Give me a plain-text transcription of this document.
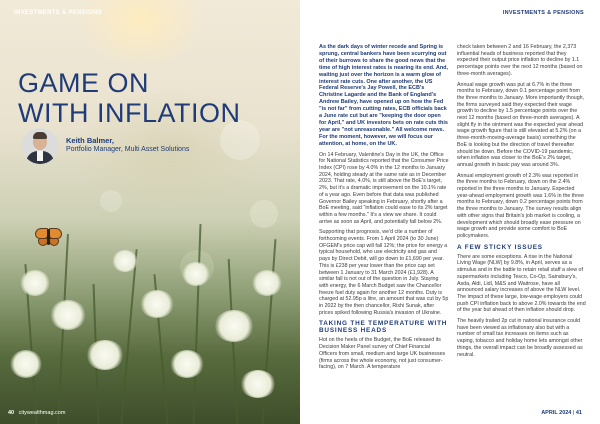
INVESTMENTS & PENSIONS
GAME ON
WITH INFLATION
Keith Balmer,
Portfolio Manager, Multi Asset Solutions
40 citywealthmag.com
INVESTMENTS & PENSIONS

As the dark days of winter recede and Spring is sprung, central bankers have been scurrying out of their burrows to share the good news that the time of high interest rates is nearing its end. And, waiting just over the horizon is a warm glow of interest rate cuts. One after another, the US Federal Reserve's Jay Powell, the ECB's Christine Lagarde and the Bank of England's Andrew Bailey, have opened up on how the Fed "is not far" from cutting rates, ECB officials back a June rate cut but are "keeping the door open for April," and UK investors bets on rate cuts this year are "not unreasonable." All welcome news. For the moment, however, we will focus our attention, at home, on the UK.

On 14 February, Valentine's Day in the UK, the Office for National Statistics reported that the Consumer Price Index (CPI) rose by 4.0% in the 12 months to January 2024, holding steady at the same rate as in December 2023. That rate, 4.0%, is still above the BoE's target, 2%, but it's a dramatic improvement on the 10.1% rate of a year ago. Even before that data was published Governor Bailey speaking in February, shortly after a BoE meeting, said "inflation could ease to its 2% target within a few months." It's a view we share. It could arrive as soon as April, and potentially fall below 2%.

Supporting that prognosis, we'd cite a number of forthcoming events. From 1 April 2024 (to 30 June) OFGEM's price cap will fall 12%; the price for energy a typical household, who use electricity and gas and pays by Direct Debit, will go down to £1,690 per year. This is £238 per year lower than the price cap set between 1 January to 31 March 2024 (£1,928). A similar fall is not out of the question in July. Staying with energy, the 6 March Budget saw the Chancellor freeze fuel duty again for another 12 months. Duty is charged at 52.95p a litre, an amount that was cut by 5p in 2022 by the then chancellor, Rishi Sunak, after prices spiked following Russia's invasion of Ukraine.

TAKING THE TEMPERATURE WITH BUSINESS HEADS

Hot on the heels of the Budget, the BoE released its Decision Maker Panel survey of Chief Financial Officers from small, medium and large UK businesses (firms across the whole economy, not just consumer-facing), on 7 March. A temperature

check taken between 2 and 16 February, the 2,373 influential heads of business reported that they expected their output price inflation to decline by 1.1 percentage points over the next 12 months (based on three-month averages).

Annual wage growth was put at 6.7% in the three months to February, down 0.1 percentage point from the three months to January. More importantly though, the firms surveyed said they expected their wage growth to decline by 1.5 percentage points over the next 12 months (based on three-month averages). A slight fly in the ointment was the expected year ahead wage growth figure that is still elevated at 5.2% (on a three-month-moving-average basis) something the BoE is looking but the direction of travel thereafter should be down. Before the COVID-19 pandemic, when inflation was closer to the BoE's 2% target, annual growth in basic pay was around 3%.

Annual employment growth of 2.3% was reported in the three months to February, down on the 2.4% reported in the three months to January. Expected year-ahead employment growth was 1.6% in the three months to February, down 0.2 percentage points from the three months to January. The survey results align with other signs that Britain's job market is cooling, a development which should broadly ease pressure on wage growth and provide some comfort to BoE policymakers.

A FEW STICKY ISSUES

There are some exceptions. A rise in the National Living Wage (NLW) by 9.8%, in April, serves as a stimulus and in the battle to retain retail staff a slew of supermarkets including Tesco, Co-Op, Sainsbury's, Asda, Aldi, Lidl, M&S and Waitrose, have all announced salary increases of above the NLW level. The impact of these large, low-wage employers could push CPI inflation back to above 2.0% towards the end of the year but ahead of then inflation should drop.

The heavily trailed 2p cut in national insurance could have been viewed as inflationary also but with a number of small tax increases on items such as vaping, tobacco and holiday home lets amongst other things, the overall impact can be broadly assessed as neutral.

APRIL 2024 | 41
